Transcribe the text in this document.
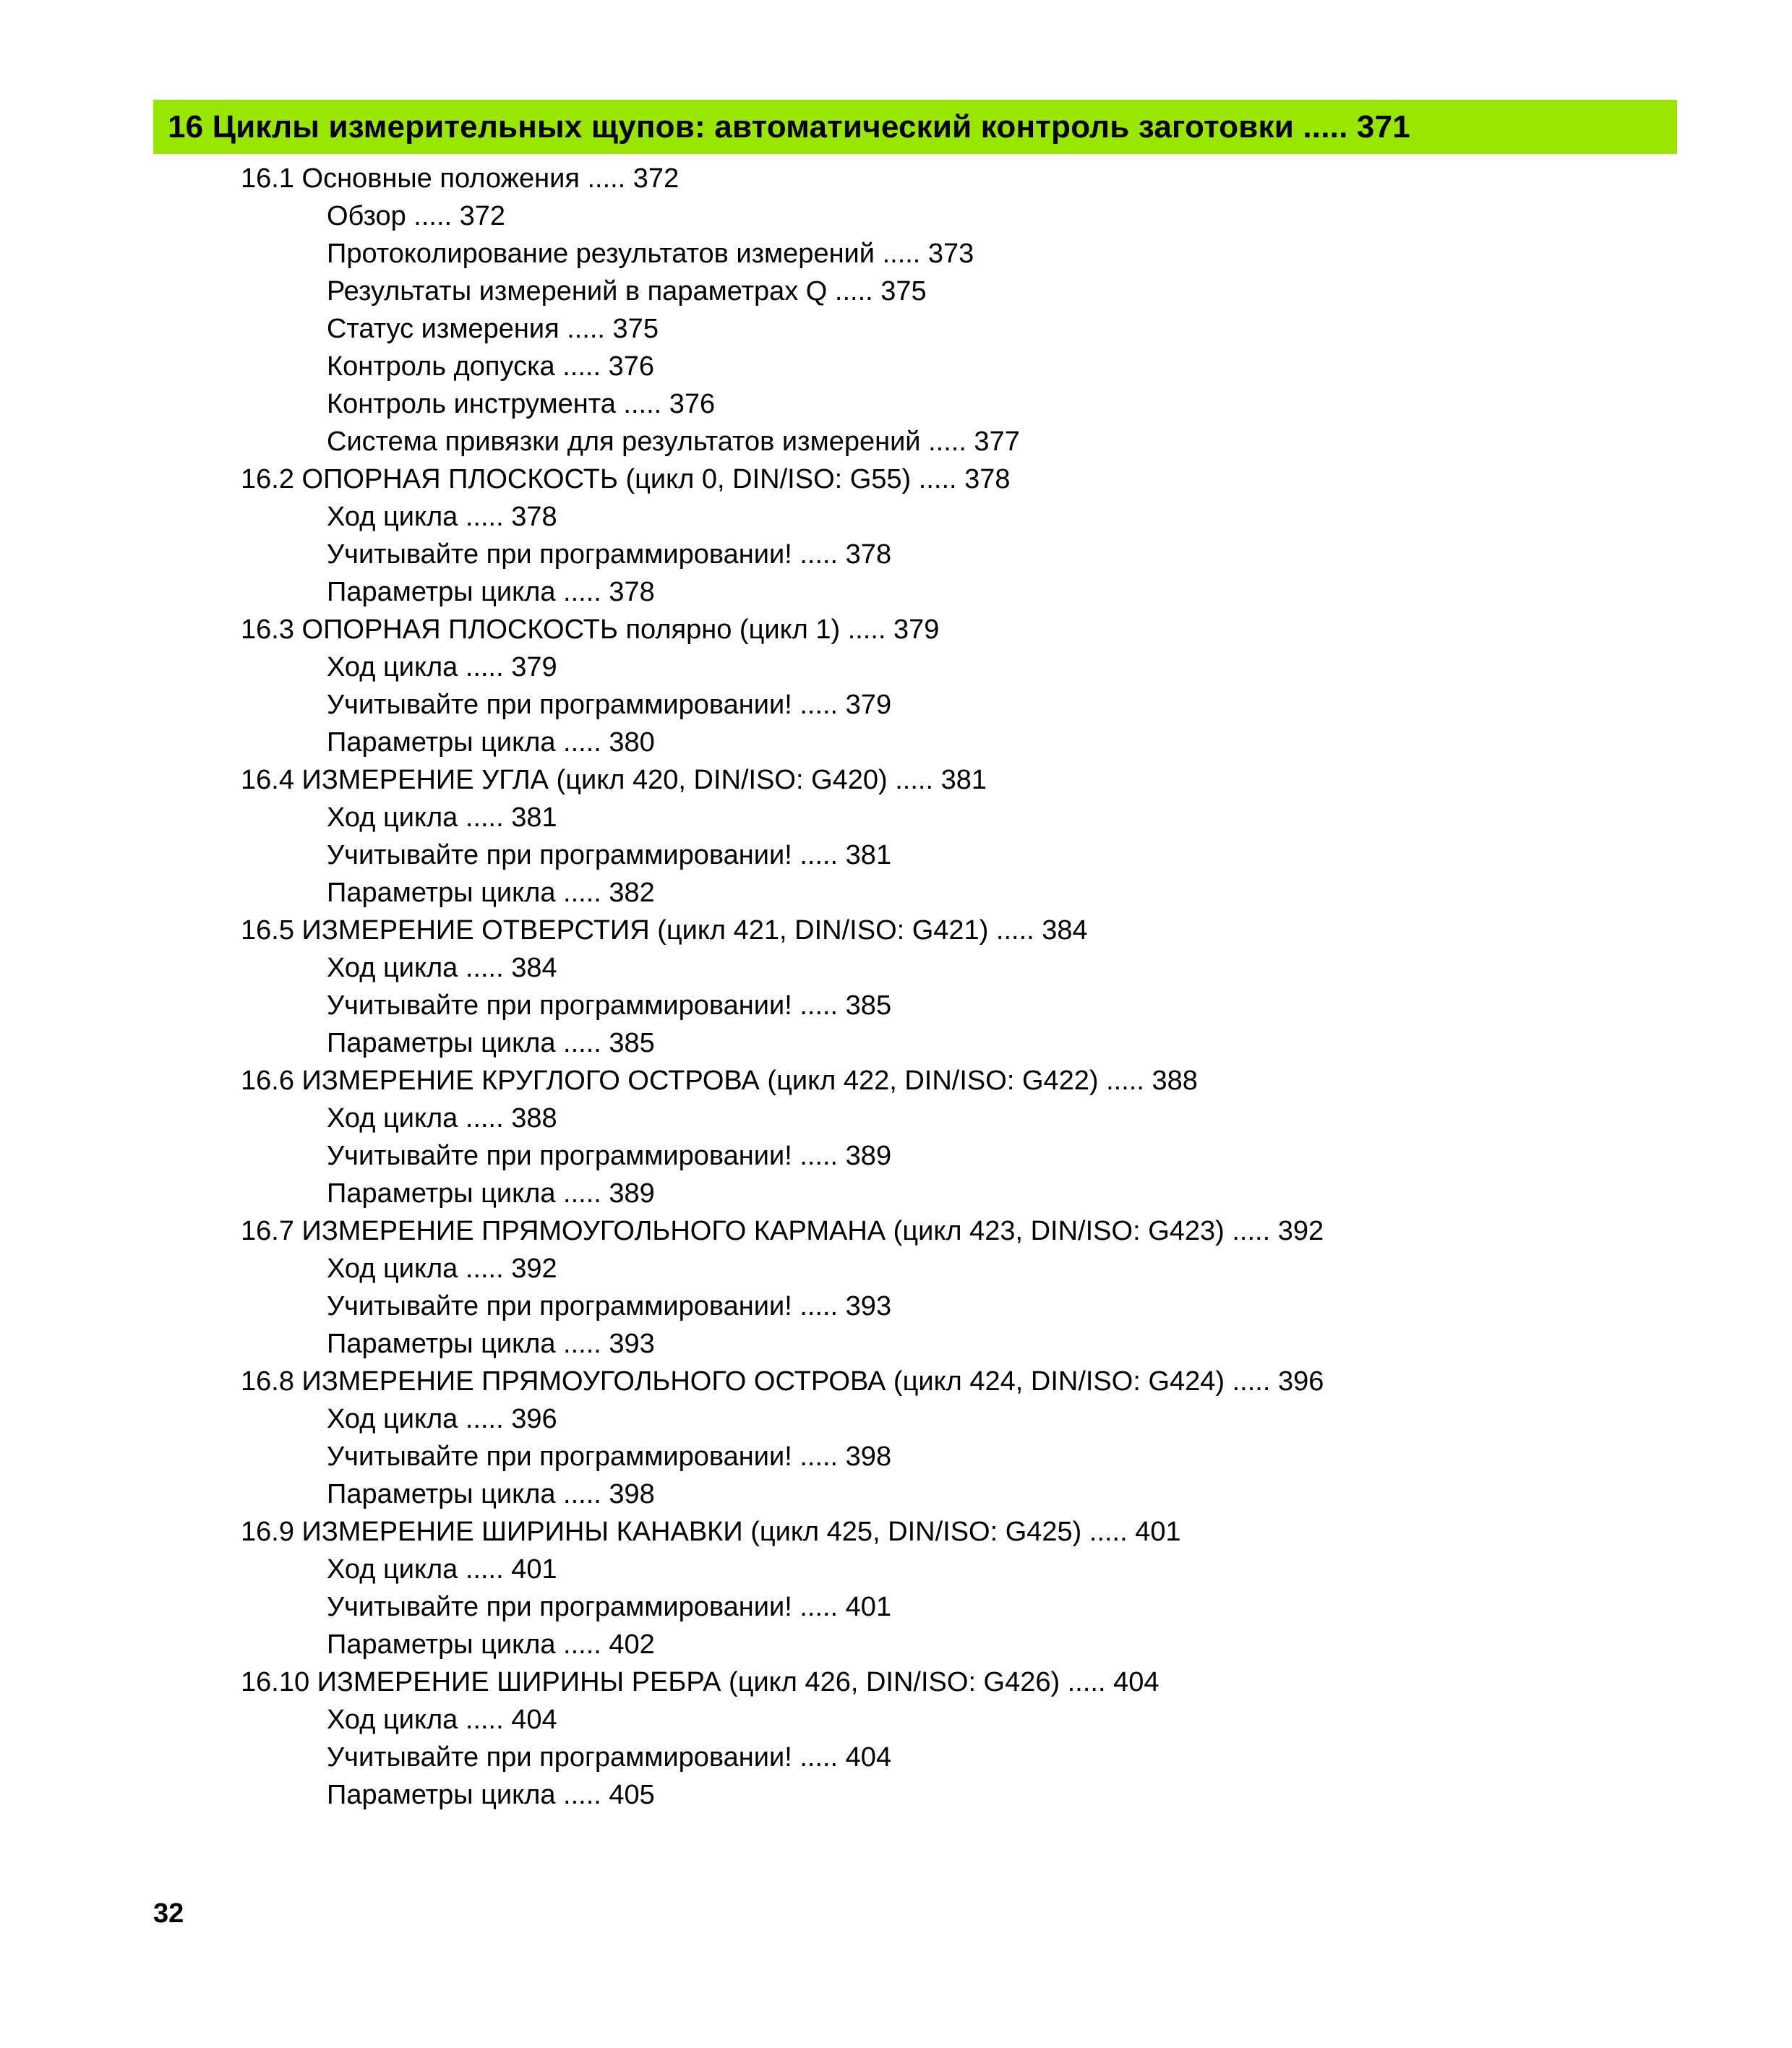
16 Циклы измерительных щупов: автоматический контроль заготовки ..... 371
16.1 Основные положения ..... 372
Обзор ..... 372
Протоколирование результатов измерений ..... 373
Результаты измерений в параметрах Q ..... 375
Статус измерения ..... 375
Контроль допуска ..... 376
Контроль инструмента ..... 376
Система привязки для результатов измерений ..... 377
16.2 ОПОРНАЯ ПЛОСКОСТЬ (цикл 0, DIN/ISO: G55) ..... 378
Ход цикла ..... 378
Учитывайте при программировании! ..... 378
Параметры цикла ..... 378
16.3 ОПОРНАЯ ПЛОСКОСТЬ полярно (цикл 1) ..... 379
Ход цикла ..... 379
Учитывайте при программировании! ..... 379
Параметры цикла ..... 380
16.4 ИЗМЕРЕНИЕ УГЛА (цикл 420, DIN/ISO: G420) ..... 381
Ход цикла ..... 381
Учитывайте при программировании! ..... 381
Параметры цикла ..... 382
16.5 ИЗМЕРЕНИЕ ОТВЕРСТИЯ (цикл 421, DIN/ISO: G421) ..... 384
Ход цикла ..... 384
Учитывайте при программировании! ..... 385
Параметры цикла ..... 385
16.6 ИЗМЕРЕНИЕ КРУГЛОГО ОСТРОВА (цикл 422, DIN/ISO: G422) ..... 388
Ход цикла ..... 388
Учитывайте при программировании! ..... 389
Параметры цикла ..... 389
16.7 ИЗМЕРЕНИЕ ПРЯМОУГОЛЬНОГО КАРМАНА (цикл 423, DIN/ISO: G423) ..... 392
Ход цикла ..... 392
Учитывайте при программировании! ..... 393
Параметры цикла ..... 393
16.8 ИЗМЕРЕНИЕ ПРЯМОУГОЛЬНОГО ОСТРОВА (цикл 424, DIN/ISO: G424) ..... 396
Ход цикла ..... 396
Учитывайте при программировании! ..... 398
Параметры цикла ..... 398
16.9 ИЗМЕРЕНИЕ ШИРИНЫ КАНАВКИ (цикл 425, DIN/ISO: G425) ..... 401
Ход цикла ..... 401
Учитывайте при программировании! ..... 401
Параметры цикла ..... 402
16.10 ИЗМЕРЕНИЕ ШИРИНЫ РЕБРА (цикл 426, DIN/ISO: G426) ..... 404
Ход цикла ..... 404
Учитывайте при программировании! ..... 404
Параметры цикла ..... 405
32
